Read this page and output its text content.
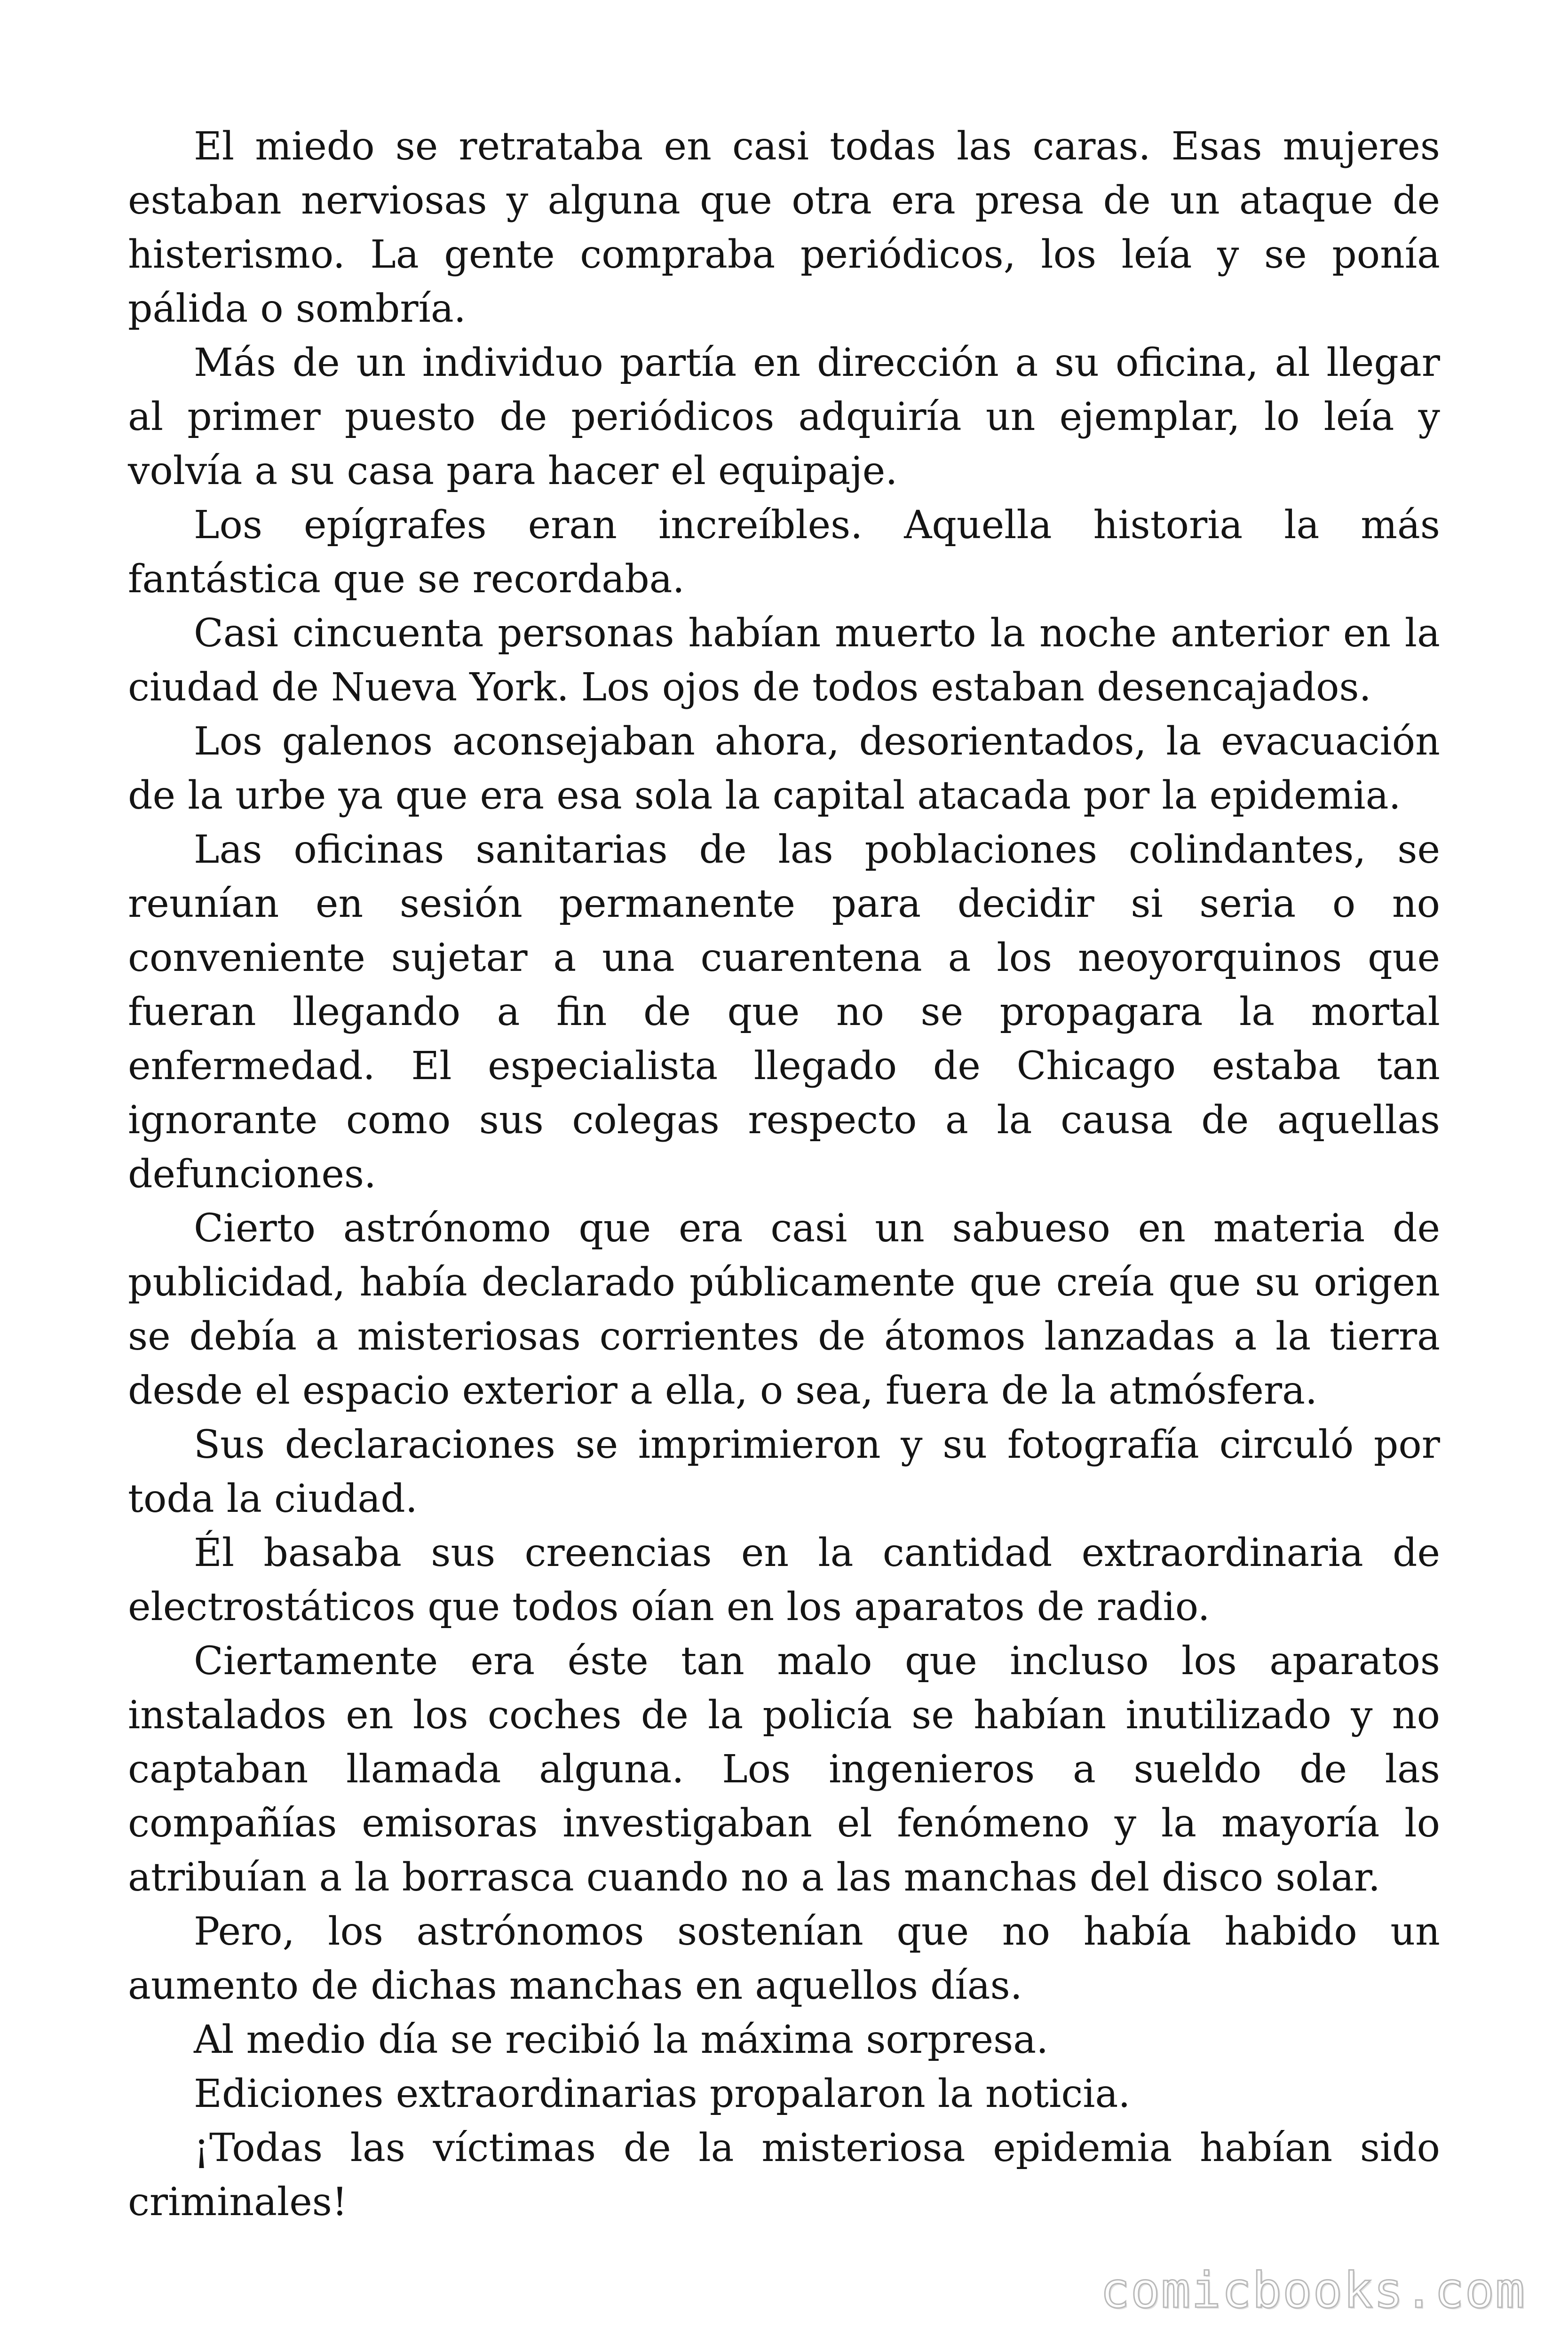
El miedo se retrataba en casi todas las caras. Esas mujeres estaban nerviosas y alguna que otra era presa de un ataque de histerismo. La gente compraba periódicos, los leía y se ponía pálida o sombría.

Más de un individuo partía en dirección a su oficina, al llegar al primer puesto de periódicos adquiría un ejemplar, lo leía y volvía a su casa para hacer el equipaje.

Los epígrafes eran increíbles. Aquella historia la más fantástica que se recordaba.

Casi cincuenta personas habían muerto la noche anterior en la ciudad de Nueva York. Los ojos de todos estaban desencajados.

Los galenos aconsejaban ahora, desorientados, la evacuación de la urbe ya que era esa sola la capital atacada por la epidemia.

Las oficinas sanitarias de las poblaciones colindantes, se reunían en sesión permanente para decidir si seria o no conveniente sujetar a una cuarentena a los neoyorquinos que fueran llegando a fin de que no se propagara la mortal enfermedad. El especialista llegado de Chicago estaba tan ignorante como sus colegas respecto a la causa de aquellas defunciones.

Cierto astrónomo que era casi un sabueso en materia de publicidad, había declarado públicamente que creía que su origen se debía a misteriosas corrientes de átomos lanzadas a la tierra desde el espacio exterior a ella, o sea, fuera de la atmósfera.

Sus declaraciones se imprimieron y su fotografía circuló por toda la ciudad.

Él basaba sus creencias en la cantidad extraordinaria de electrostáticos que todos oían en los aparatos de radio.

Ciertamente era éste tan malo que incluso los aparatos instalados en los coches de la policía se habían inutilizado y no captaban llamada alguna. Los ingenieros a sueldo de las compañías emisoras investigaban el fenómeno y la mayoría lo atribuían a la borrasca cuando no a las manchas del disco solar.

Pero, los astrónomos sostenían que no había habido un aumento de dichas manchas en aquellos días.

Al medio día se recibió la máxima sorpresa.

Ediciones extraordinarias propalaron la noticia.

¡Todas las víctimas de la misteriosa epidemia habían sido criminales!

comicbooks.com
